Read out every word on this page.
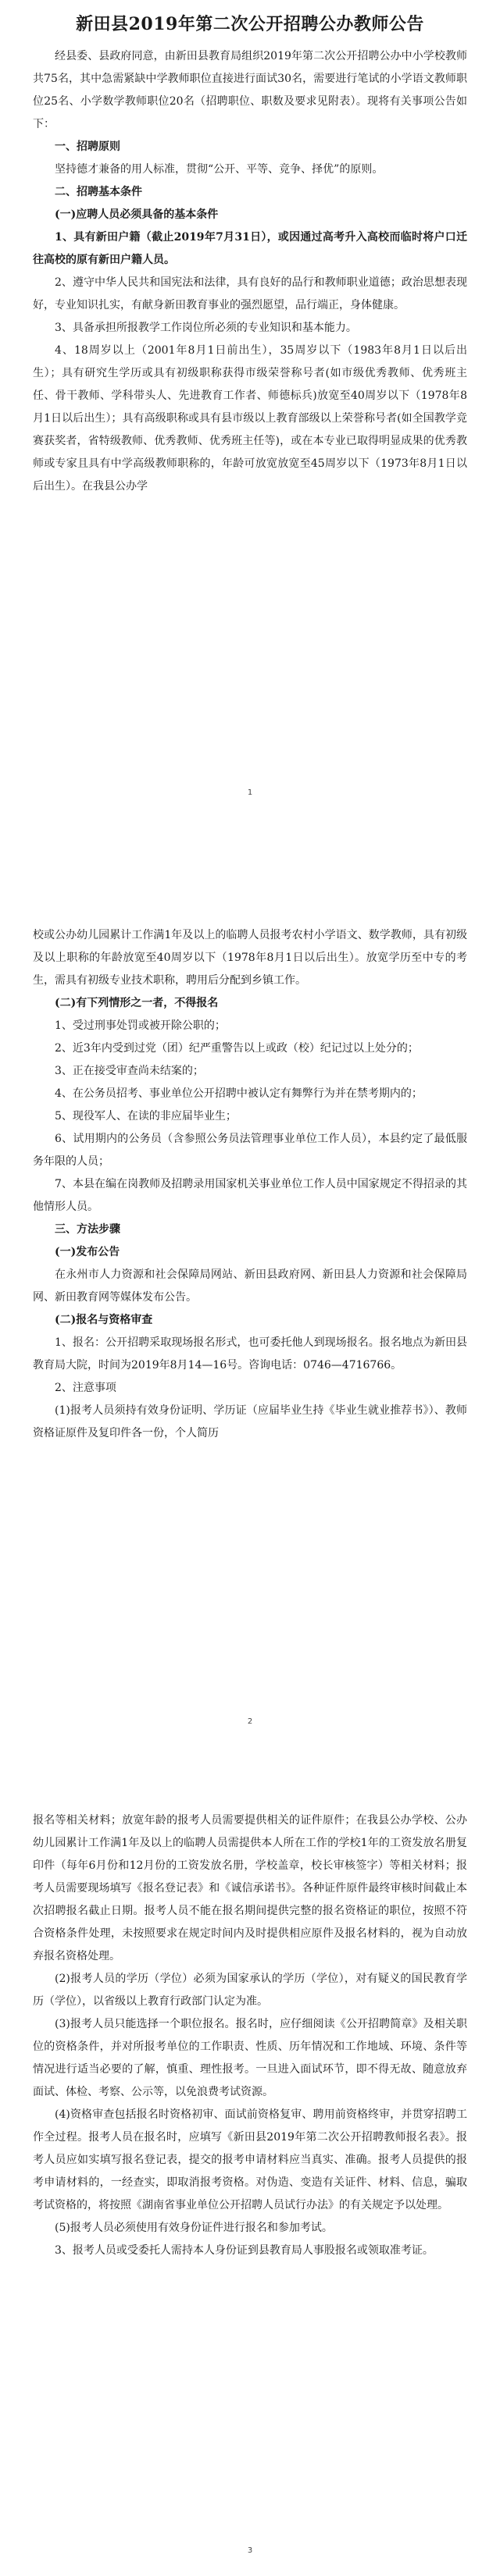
新田县2019年第二次公开招聘公办教师公告

经县委、县政府同意，由新田县教育局组织2019年第二次公开招聘公办中小学校教师共75名，其中急需紧缺中学教师职位直接进行面试30名，需要进行笔试的小学语文教师职位25名、小学数学教师职位20名（招聘职位、职数及要求见附表）。现将有关事项公告如下：

一、招聘原则

坚持德才兼备的用人标准，贯彻“公开、平等、竞争、择优”的原则。

二、招聘基本条件

(一)应聘人员必须具备的基本条件

1、具有新田户籍（截止2019年7月31日），或因通过高考升入高校而临时将户口迁往高校的原有新田户籍人员。

2、遵守中华人民共和国宪法和法律，具有良好的品行和教师职业道德；政治思想表现好，专业知识扎实，有献身新田教育事业的强烈愿望，品行端正，身体健康。

3、具备承担所报教学工作岗位所必须的专业知识和基本能力。

4、18周岁以上（2001年8月1日前出生），35周岁以下（1983年8月1日以后出生）；具有研究生学历或具有初级职称获得市级荣誉称号者(如市级优秀教师、优秀班主任、骨干教师、学科带头人、先进教育工作者、师德标兵)放宽至40周岁以下（1978年8月1日以后出生）；具有高级职称或具有县市级以上教育部级以上荣誉称号者(如全国教学竞赛获奖者，省特级教师、优秀教师、优秀班主任等)，或在本专业已取得明显成果的优秀教师或专家且具有中学高级教师职称的，年龄可放宽放宽至45周岁以下（1973年8月1日以后出生）。在我县公办学

1

校或公办幼儿园累计工作满1年及以上的临聘人员报考农村小学语文、数学教师，具有初级及以上职称的年龄放宽至40周岁以下（1978年8月1日以后出生）。放宽学历至中专的考生，需具有初级专业技术职称，聘用后分配到乡镇工作。

(二)有下列情形之一者，不得报名

1、受过刑事处罚或被开除公职的；

2、近3年内受到过党（团）纪严重警告以上或政（校）纪记过以上处分的；

3、正在接受审查尚未结案的；

4、在公务员招考、事业单位公开招聘中被认定有舞弊行为并在禁考期内的；

5、现役军人、在读的非应届毕业生；

6、试用期内的公务员（含参照公务员法管理事业单位工作人员），本县约定了最低服务年限的人员；

7、本县在编在岗教师及招聘录用国家机关事业单位工作人员中国家规定不得招录的其他情形人员。

三、方法步骤

(一)发布公告

在永州市人力资源和社会保障局网站、新田县政府网、新田县人力资源和社会保障局网、新田教育网等媒体发布公告。

(二)报名与资格审查

1、报名：公开招聘采取现场报名形式，也可委托他人到现场报名。报名地点为新田县教育局大院，时间为2019年8月14—16号。咨询电话：0746—4716766。

2、注意事项

(1)报考人员须持有效身份证明、学历证（应届毕业生持《毕业生就业推荐书》）、教师资格证原件及复印件各一份，个人简历

2

报名等相关材料；放宽年龄的报考人员需要提供相关的证件原件；在我县公办学校、公办幼儿园累计工作满1年及以上的临聘人员需提供本人所在工作的学校1年的工资发放名册复印件（每年6月份和12月份的工资发放名册，学校盖章，校长审核签字）等相关材料；报考人员需要现场填写《报名登记表》和《诚信承诺书》。各种证件原件最终审核时间截止本次招聘报名截止日期。报考人员不能在报名期间提供完整的报名资格证的职位，按照不符合资格条件处理，未按照要求在规定时间内及时提供相应原件及报名材料的，视为自动放弃报名资格处理。

(2)报考人员的学历（学位）必须为国家承认的学历（学位），对有疑义的国民教育学历（学位），以省级以上教育行政部门认定为准。

(3)报考人员只能选择一个职位报名。报名时，应仔细阅读《公开招聘简章》及相关职位的资格条件，并对所报考单位的工作职责、性质、历年情况和工作地域、环境、条件等情况进行适当必要的了解，慎重、理性报考。一旦进入面试环节，即不得无故、随意放弃面试、体检、考察、公示等，以免浪费考试资源。

(4)资格审查包括报名时资格初审、面试前资格复审、聘用前资格终审，并贯穿招聘工作全过程。报考人员在报名时，应填写《新田县2019年第二次公开招聘教师报名表》。报考人员应如实填写报名登记表，提交的报考申请材料应当真实、准确。报考人员提供的报考申请材料的，一经查实，即取消报考资格。对伪造、变造有关证件、材料、信息，骗取考试资格的，将按照《湖南省事业单位公开招聘人员试行办法》的有关规定予以处理。

(5)报考人员必须使用有效身份证件进行报名和参加考试。

3、报考人员或受委托人需持本人身份证到县教育局人事股报名或领取准考证。

3
